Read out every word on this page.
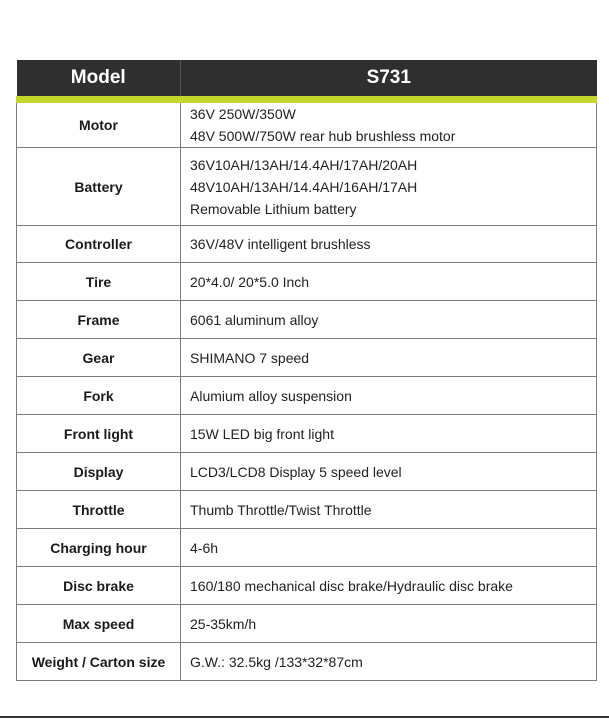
Model	S731
Motor	36V 250W/350W
48V 500W/750W rear hub brushless motor

Battery	36V10AH/13AH/14.4AH/17AH/20AH
48V10AH/13AH/14.4AH/16AH/17AH
Removable Lithium battery

Controller	36V/48V intelligent brushless

Tire	20*4.0/ 20*5.0 Inch

Frame	6061 aluminum alloy

Gear	SHIMANO 7 speed

Fork	Alumium alloy suspension

Front light	15W LED big front light

Display	LCD3/LCD8 Display 5 speed level

Throttle	Thumb Throttle/Twist Throttle

Charging hour	4-6h

Disc brake	160/180 mechanical disc brake/Hydraulic disc brake

Max speed	25-35km/h

Weight / Carton size	G.W.: 32.5kg /133*32*87cm
